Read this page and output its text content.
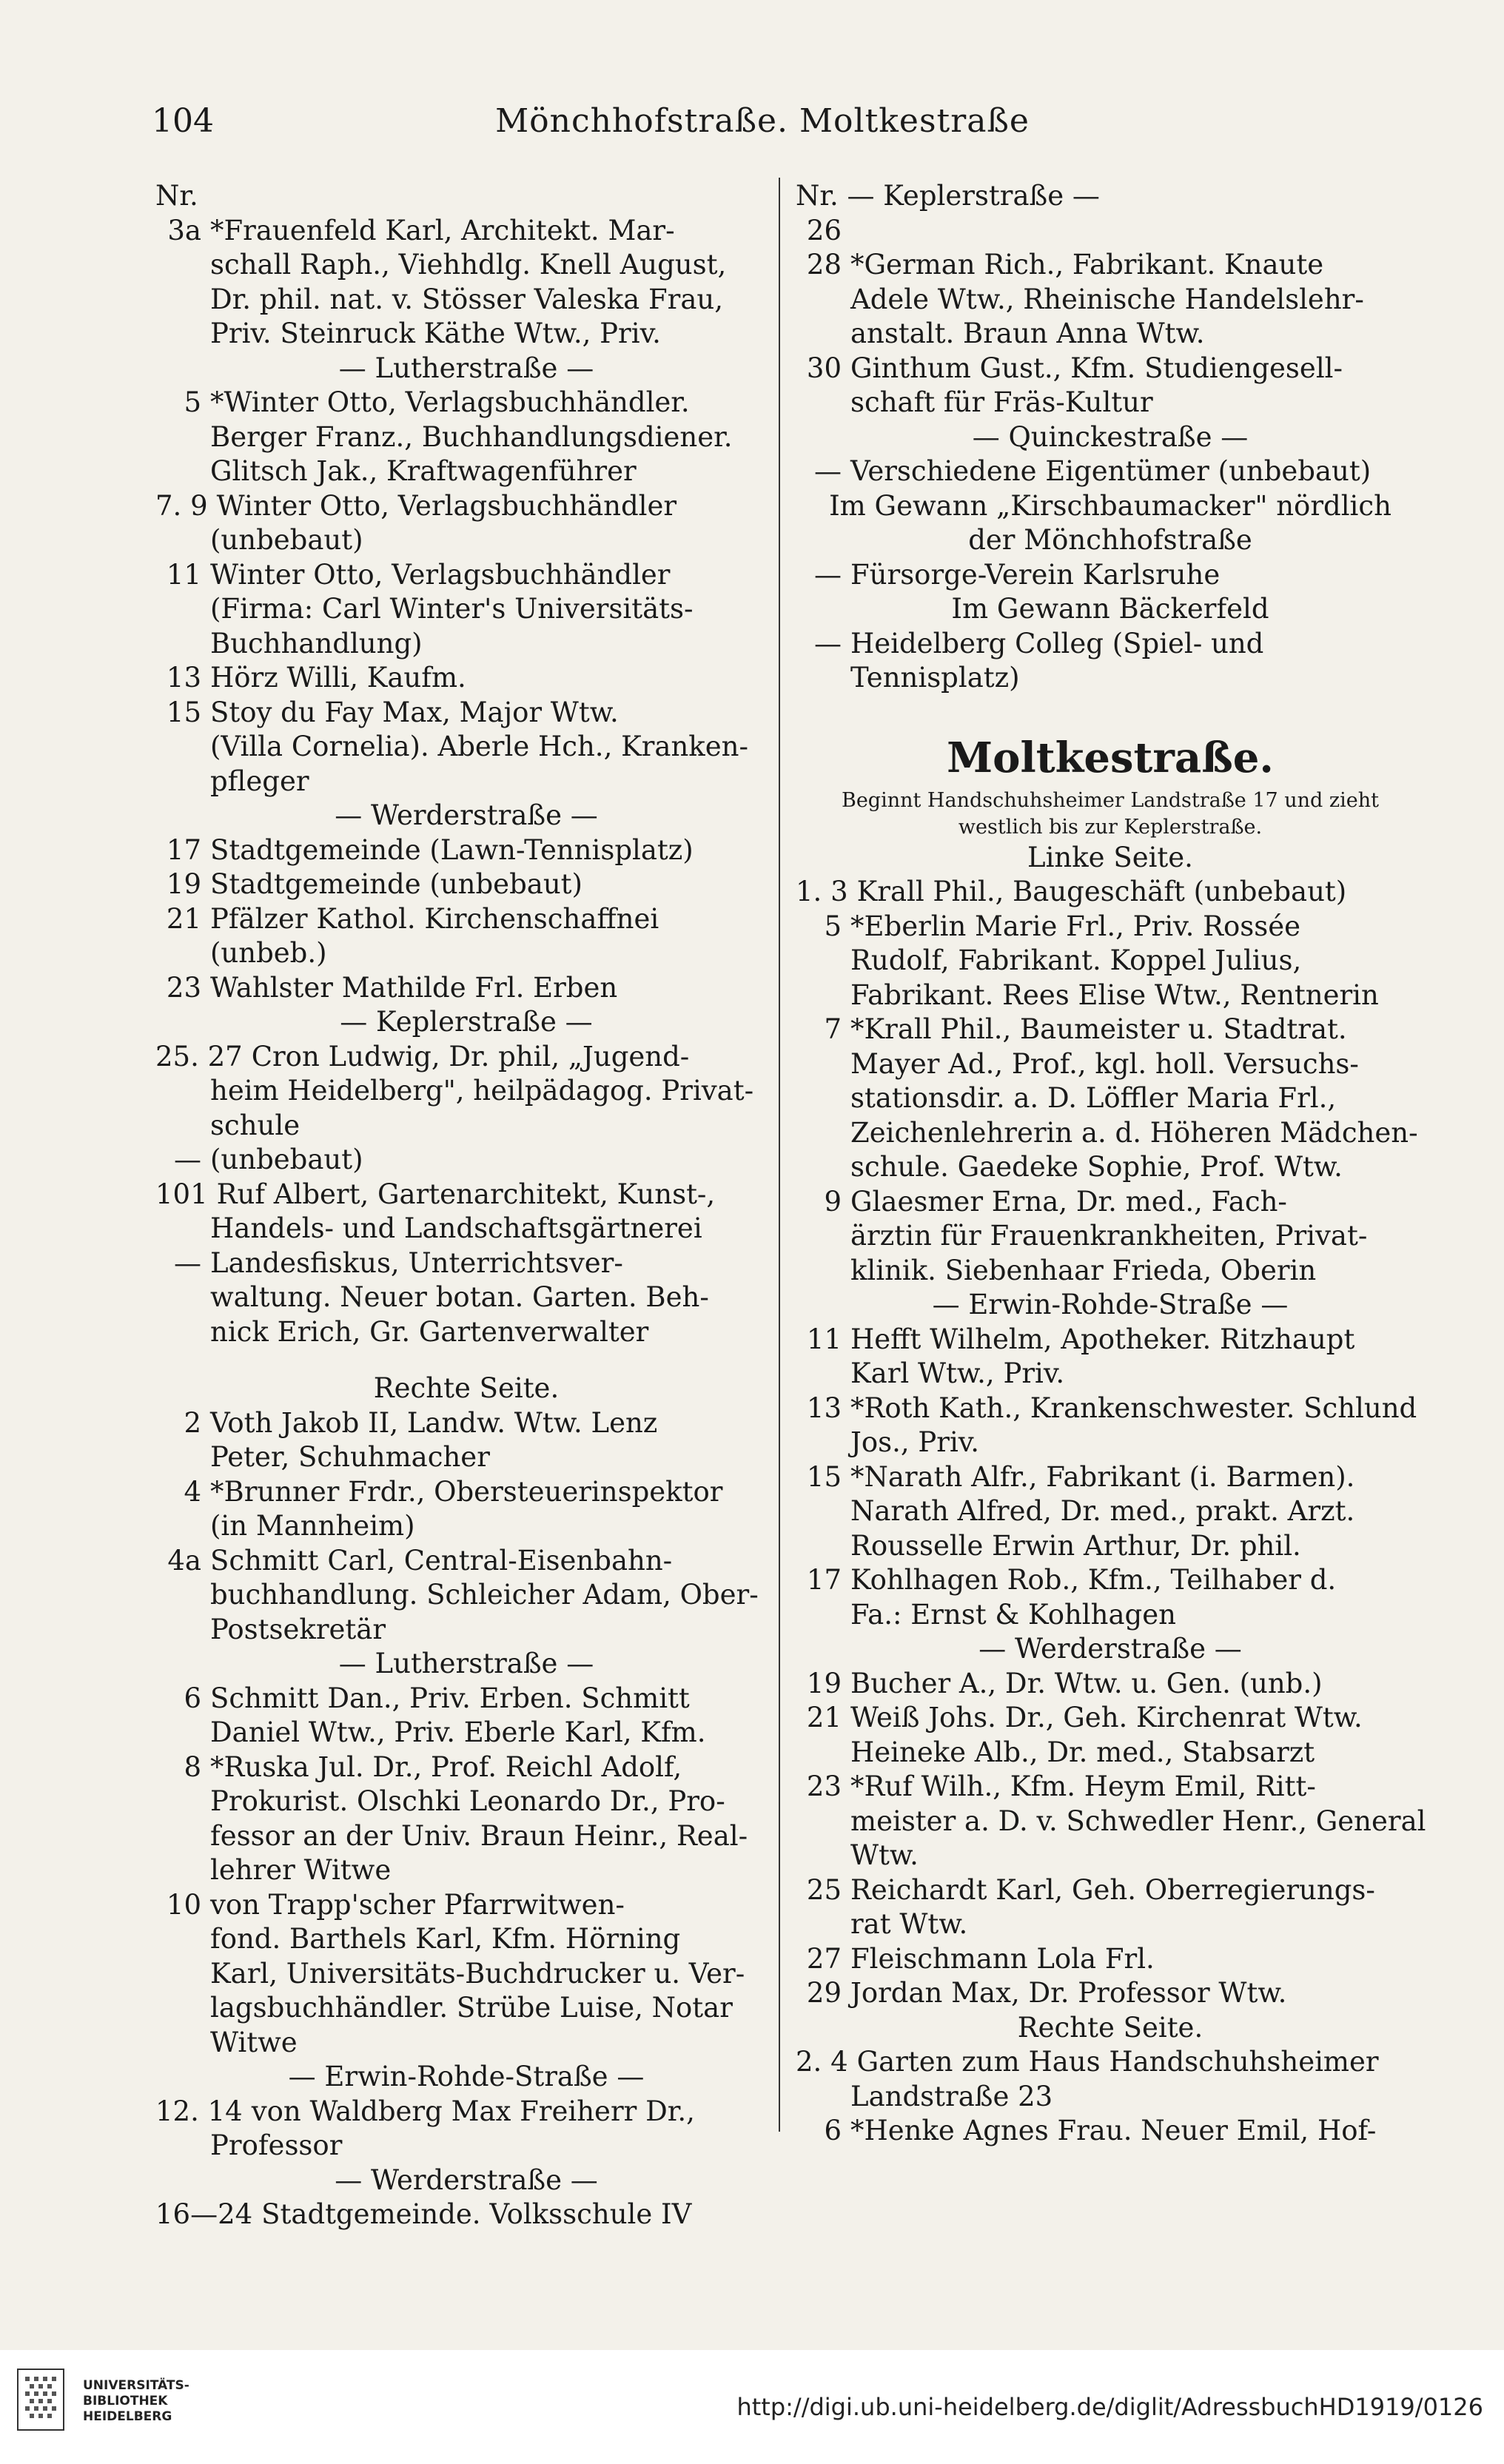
104	Mönchhofstraße. Moltkestraße
Nr.
3a *Frauenfeld Karl, Architekt. Mar-
schall Raph., Viehhdlg. Knell August,
Dr. phil. nat. v. Stösser Valeska Frau,
Priv. Steinruck Käthe Wtw., Priv.
— Lutherstraße —
5 *Winter Otto, Verlagsbuchhändler.
Berger Franz., Buchhandlungsdiener.
Glitsch Jak., Kraftwagenführer
7. 9 Winter Otto, Verlagsbuchhändler
(unbebaut)
11 Winter Otto, Verlagsbuchhändler
(Firma: Carl Winter's Universitäts-
Buchhandlung)
13 Hörz Willi, Kaufm.
15 Stoy du Fay Max, Major Wtw.
(Villa Cornelia). Aberle Hch., Kranken-
pfleger
— Werderstraße —
17 Stadtgemeinde (Lawn-Tennisplatz)
19 Stadtgemeinde (unbebaut)
21 Pfälzer Kathol. Kirchenschaffnei
(unbeb.)
23 Wahlster Mathilde Frl. Erben
— Keplerstraße —
25. 27 Cron Ludwig, Dr. phil, „Jugend-
heim Heidelberg", heilpädagog. Privat-
schule
— (unbebaut)
101 Ruf Albert, Gartenarchitekt, Kunst-,
Handels- und Landschaftsgärtnerei
— Landesfiskus, Unterrichtsver-
waltung. Neuer botan. Garten. Beh-
nick Erich, Gr. Gartenverwalter
Rechte Seite.
2 Voth Jakob II, Landw. Wtw. Lenz
Peter, Schuhmacher
4 *Brunner Frdr., Obersteuerinspektor
(in Mannheim)
4a Schmitt Carl, Central-Eisenbahn-
buchhandlung. Schleicher Adam, Ober-
Postsekretär
— Lutherstraße —
6 Schmitt Dan., Priv. Erben. Schmitt
Daniel Wtw., Priv. Eberle Karl, Kfm.
8 *Ruska Jul. Dr., Prof. Reichl Adolf,
Prokurist. Olschki Leonardo Dr., Pro-
fessor an der Univ. Braun Heinr., Real-
lehrer Witwe
10 von Trapp'scher Pfarrwitwen-
fond. Barthels Karl, Kfm. Hörning
Karl, Universitäts-Buchdrucker u. Ver-
lagsbuchhändler. Strübe Luise, Notar
Witwe
— Erwin-Rohde-Straße —
12. 14 von Waldberg Max Freiherr Dr.,
Professor
— Werderstraße —
16—24 Stadtgemeinde. Volksschule IV
Nr. — Keplerstraße —
26
28 *German Rich., Fabrikant. Knaute
Adele Wtw., Rheinische Handelslehr-
anstalt. Braun Anna Wtw.
30 Ginthum Gust., Kfm. Studiengesell-
schaft für Fräs-Kultur
— Quinckestraße —
— Verschiedene Eigentümer (unbebaut)
Im Gewann „Kirschbaumacker" nördlich
der Mönchhofstraße
— Fürsorge-Verein Karlsruhe
Im Gewann Bäckerfeld
— Heidelberg Colleg (Spiel- und
Tennisplatz)
Moltkestraße.
Beginnt Handschuhsheimer Landstraße 17 und zieht
westlich bis zur Keplerstraße.
Linke Seite.
1. 3 Krall Phil., Baugeschäft (unbebaut)
5 *Eberlin Marie Frl., Priv. Rossée
Rudolf, Fabrikant. Koppel Julius,
Fabrikant. Rees Elise Wtw., Rentnerin
7 *Krall Phil., Baumeister u. Stadtrat.
Mayer Ad., Prof., kgl. holl. Versuchs-
stationsdir. a. D. Löffler Maria Frl.,
Zeichenlehrerin a. d. Höheren Mädchen-
schule. Gaedeke Sophie, Prof. Wtw.
9 Glaesmer Erna, Dr. med., Fach-
ärztin für Frauenkrankheiten, Privat-
klinik. Siebenhaar Frieda, Oberin
— Erwin-Rohde-Straße —
11 Hefft Wilhelm, Apotheker. Ritzhaupt
Karl Wtw., Priv.
13 *Roth Kath., Krankenschwester. Schlund
Jos., Priv.
15 *Narath Alfr., Fabrikant (i. Barmen).
Narath Alfred, Dr. med., prakt. Arzt.
Rousselle Erwin Arthur, Dr. phil.
17 Kohlhagen Rob., Kfm., Teilhaber d.
Fa.: Ernst & Kohlhagen
— Werderstraße —
19 Bucher A., Dr. Wtw. u. Gen. (unb.)
21 Weiß Johs. Dr., Geh. Kirchenrat Wtw.
Heineke Alb., Dr. med., Stabsarzt
23 *Ruf Wilh., Kfm. Heym Emil, Ritt-
meister a. D. v. Schwedler Henr., General
Wtw.
25 Reichardt Karl, Geh. Oberregierungs-
rat Wtw.
27 Fleischmann Lola Frl.
29 Jordan Max, Dr. Professor Wtw.
Rechte Seite.
2. 4 Garten zum Haus Handschuhsheimer
Landstraße 23
6 *Henke Agnes Frau. Neuer Emil, Hof-
UNIVERSITÄTS-
BIBLIOTHEK
HEIDELBERG	http://digi.ub.uni-heidelberg.de/diglit/AdressbuchHD1919/0126
